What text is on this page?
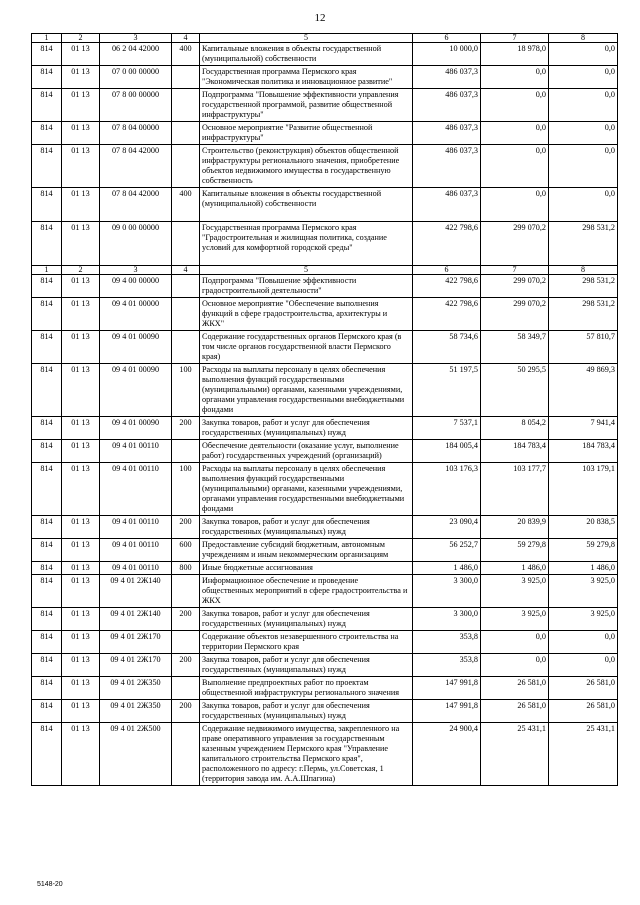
12
1	2	3	4	5	6	7	8
814	01 13	06 2 04 42000	400	Капитальные вложения в объекты государственной (муниципальной) собственности	10 000,0	18 978,0	0,0
814	01 13	07 0 00 00000		Государственная программа Пермского края "Экономическая политика и инновационное развитие"	486 037,3	0,0	0,0
814	01 13	07 8 00 00000		Подпрограмма "Повышение эффективности управления государственной программой, развитие общественной инфраструктуры"	486 037,3	0,0	0,0
814	01 13	07 8 04 00000		Основное мероприятие "Развитие общественной инфраструктуры"	486 037,3	0,0	0,0
814	01 13	07 8 04 42000		Строительство (реконструкция) объектов общественной инфраструктуры регионального значения, приобретение объектов недвижимого имущества в государственную собственность	486 037,3	0,0	0,0
814	01 13	07 8 04 42000	400	Капитальные вложения в объекты государственной (муниципальной) собственности	486 037,3	0,0	0,0
814	01 13	09 0 00 00000		Государственная программа Пермского края "Градостроительная и жилищная политика, создание условий для комфортной городской среды"	422 798,6	299 070,2	298 531,2
1	2	3	4	5	6	7	8
814	01 13	09 4 00 00000		Подпрограмма "Повышение эффективности градостроительной деятельности"	422 798,6	299 070,2	298 531,2
814	01 13	09 4 01 00000		Основное мероприятие "Обеспечение выполнения функций в сфере градостроительства, архитектуры и ЖКХ"	422 798,6	299 070,2	298 531,2
814	01 13	09 4 01 00090		Содержание государственных органов Пермского края (в том числе органов государственной власти Пермского края)	58 734,6	58 349,7	57 810,7
814	01 13	09 4 01 00090	100	Расходы на выплаты персоналу в целях обеспечения выполнения функций государственными (муниципальными) органами, казенными учреждениями, органами управления государственными внебюджетными фондами	51 197,5	50 295,5	49 869,3
814	01 13	09 4 01 00090	200	Закупка товаров, работ и услуг для обеспечения государственных (муниципальных) нужд	7 537,1	8 054,2	7 941,4
814	01 13	09 4 01 00110		Обеспечение деятельности (оказание услуг, выполнение работ) государственных учреждений (организаций)	184 005,4	184 783,4	184 783,4
814	01 13	09 4 01 00110	100	Расходы на выплаты персоналу в целях обеспечения выполнения функций государственными (муниципальными) органами, казенными учреждениями, органами управления государственными внебюджетными фондами	103 176,3	103 177,7	103 179,1
814	01 13	09 4 01 00110	200	Закупка товаров, работ и услуг для обеспечения государственных (муниципальных) нужд	23 090,4	20 839,9	20 838,5
814	01 13	09 4 01 00110	600	Предоставление субсидий бюджетным, автономным учреждениям и иным некоммерческим организациям	56 252,7	59 279,8	59 279,8
814	01 13	09 4 01 00110	800	Иные бюджетные ассигнования	1 486,0	1 486,0	1 486,0
814	01 13	09 4 01 2Ж140		Информационное обеспечение и проведение общественных мероприятий в сфере градостроительства и ЖКХ	3 300,0	3 925,0	3 925,0
814	01 13	09 4 01 2Ж140	200	Закупка товаров, работ и услуг для обеспечения государственных (муниципальных) нужд	3 300,0	3 925,0	3 925,0
814	01 13	09 4 01 2Ж170		Содержание объектов незавершенного строительства на территории Пермского края	353,8	0,0	0,0
814	01 13	09 4 01 2Ж170	200	Закупка товаров, работ и услуг для обеспечения государственных (муниципальных) нужд	353,8	0,0	0,0
814	01 13	09 4 01 2Ж350		Выполнение предпроектных работ по проектам общественной инфраструктуры регионального значения	147 991,8	26 581,0	26 581,0
814	01 13	09 4 01 2Ж350	200	Закупка товаров, работ и услуг для обеспечения государственных (муниципальных) нужд	147 991,8	26 581,0	26 581,0
814	01 13	09 4 01 2Ж500		Содержание недвижимого имущества, закрепленного на праве оперативного управления за государственным казенным учреждением Пермского края "Управление капитального строительства Пермского края", расположенного по адресу: г.Пермь, ул.Советская, 1 (территория завода им. А.А.Шпагина)	24 900,4	25 431,1	25 431,1
5148-20
